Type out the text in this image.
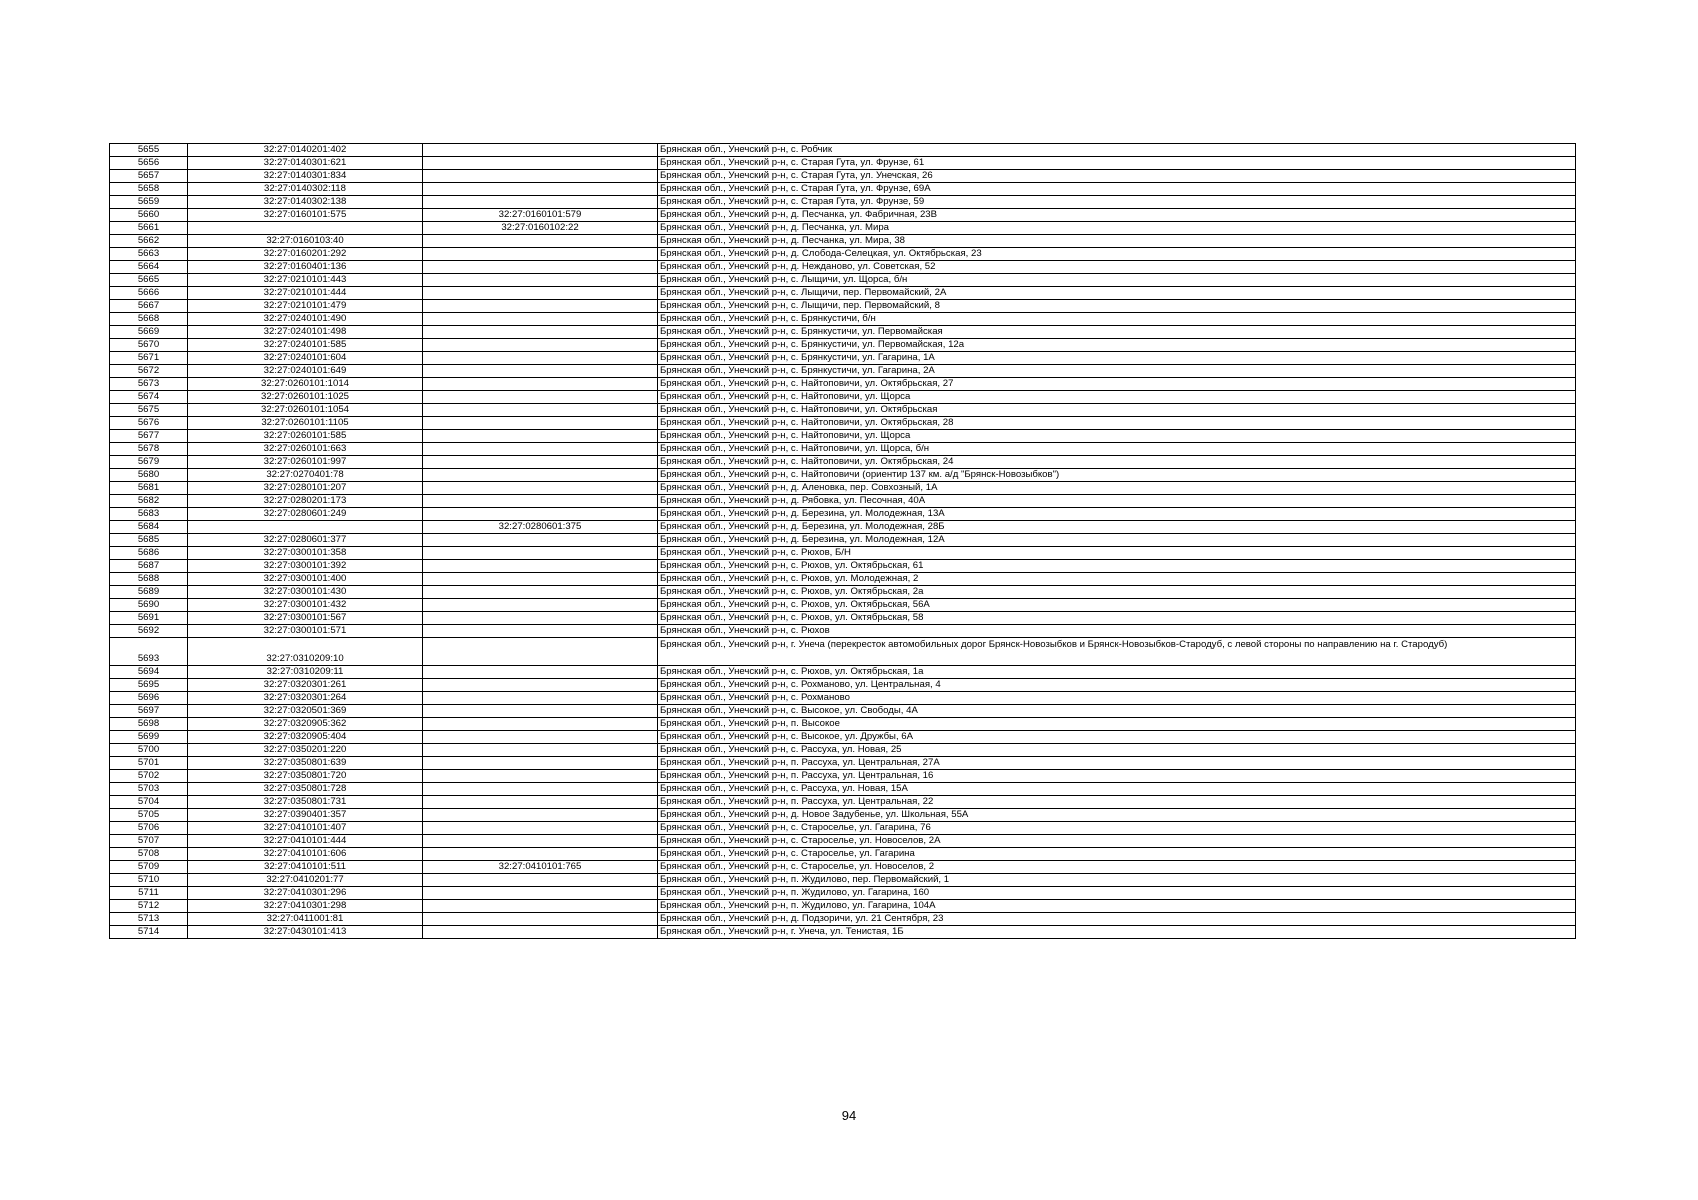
5655	32:27:0140201:402		Брянская обл., Унечский р-н, с. Робчик
5656	32:27:0140301:621		Брянская обл., Унечский р-н, с. Старая Гута, ул. Фрунзе, 61
5657	32:27:0140301:834		Брянская обл., Унечский р-н, с. Старая Гута, ул. Унечская, 26
5658	32:27:0140302:118		Брянская обл., Унечский р-н, с. Старая Гута, ул. Фрунзе, 69А
5659	32:27:0140302:138		Брянская обл., Унечский р-н, с. Старая Гута, ул. Фрунзе, 59
5660	32:27:0160101:575	32:27:0160101:579	Брянская обл., Унечский р-н, д. Песчанка, ул. Фабричная, 23В
5661		32:27:0160102:22	Брянская обл., Унечский р-н, д. Песчанка, ул. Мира
5662	32:27:0160103:40		Брянская обл., Унечский р-н, д. Песчанка, ул. Мира, 38
5663	32:27:0160201:292		Брянская обл., Унечский р-н, д. Слобода-Селецкая, ул. Октябрьская, 23
5664	32:27:0160401:136		Брянская обл., Унечский р-н, д. Нежданово, ул. Советская, 52
5665	32:27:0210101:443		Брянская обл., Унечский р-н, с. Лыщичи, ул. Щорса, б/н
5666	32:27:0210101:444		Брянская обл., Унечский р-н, с. Лыщичи, пер. Первомайский, 2А
5667	32:27:0210101:479		Брянская обл., Унечский р-н, с. Лыщичи, пер. Первомайский, 8
5668	32:27:0240101:490		Брянская обл., Унечский р-н, с. Брянкустичи, б/н
5669	32:27:0240101:498		Брянская обл., Унечский р-н, с. Брянкустичи, ул. Первомайская
5670	32:27:0240101:585		Брянская обл., Унечский р-н, с. Брянкустичи, ул. Первомайская, 12а
5671	32:27:0240101:604		Брянская обл., Унечский р-н, с. Брянкустичи, ул. Гагарина, 1А
5672	32:27:0240101:649		Брянская обл., Унечский р-н, с. Брянкустичи, ул. Гагарина, 2А
5673	32:27:0260101:1014		Брянская обл., Унечский р-н, с. Найтоповичи, ул. Октябрьская, 27
5674	32:27:0260101:1025		Брянская обл., Унечский р-н, с. Найтоповичи, ул. Щорса
5675	32:27:0260101:1054		Брянская обл., Унечский р-н, с. Найтоповичи, ул. Октябрьская
5676	32:27:0260101:1105		Брянская обл., Унечский р-н, с. Найтоповичи, ул. Октябрьская, 28
5677	32:27:0260101:585		Брянская обл., Унечский р-н, с. Найтоповичи, ул. Щорса
5678	32:27:0260101:663		Брянская обл., Унечский р-н, с. Найтоповичи, ул. Щорса, б/н
5679	32:27:0260101:997		Брянская обл., Унечский р-н, с. Найтоповичи, ул. Октябрьская, 24
5680	32:27:0270401:78		Брянская обл., Унечский р-н, с. Найтоповичи (ориентир 137 км. а/д "Брянск-Новозыбков")
5681	32:27:0280101:207		Брянская обл., Унечский р-н, д. Аленовка, пер. Совхозный, 1А
5682	32:27:0280201:173		Брянская обл., Унечский р-н, д. Рябовка, ул. Песочная, 40А
5683	32:27:0280601:249		Брянская обл., Унечский р-н, д. Березина, ул. Молодежная, 13А
5684		32:27:0280601:375	Брянская обл., Унечский р-н, д. Березина, ул. Молодежная, 28Б
5685	32:27:0280601:377		Брянская обл., Унечский р-н, д. Березина, ул. Молодежная, 12А
5686	32:27:0300101:358		Брянская обл., Унечский р-н, с. Рюхов, Б/Н
5687	32:27:0300101:392		Брянская обл., Унечский р-н, с. Рюхов, ул. Октябрьская, 61
5688	32:27:0300101:400		Брянская обл., Унечский р-н, с. Рюхов, ул. Молодежная, 2
5689	32:27:0300101:430		Брянская обл., Унечский р-н, с. Рюхов, ул. Октябрьская, 2а
5690	32:27:0300101:432		Брянская обл., Унечский р-н, с. Рюхов, ул. Октябрьская, 56А
5691	32:27:0300101:567		Брянская обл., Унечский р-н, с. Рюхов, ул. Октябрьская, 58
5692	32:27:0300101:571		Брянская обл., Унечский р-н, с. Рюхов
5693	32:27:0310209:10		Брянская обл., Унечский р-н, г. Унеча (перекресток автомобильных дорог Брянск-Новозыбков и Брянск-Новозыбков-Стародуб, с левой стороны по направлению на г. Стародуб)
5694	32:27:0310209:11		Брянская обл., Унечский р-н, с. Рюхов, ул. Октябрьская, 1а
5695	32:27:0320301:261		Брянская обл., Унечский р-н, с. Рохманово, ул. Центральная, 4
5696	32:27:0320301:264		Брянская обл., Унечский р-н, с. Рохманово
5697	32:27:0320501:369		Брянская обл., Унечский р-н, с. Высокое, ул. Свободы, 4А
5698	32:27:0320905:362		Брянская обл., Унечский р-н, п. Высокое
5699	32:27:0320905:404		Брянская обл., Унечский р-н, с. Высокое, ул. Дружбы, 6А
5700	32:27:0350201:220		Брянская обл., Унечский р-н, с. Рассуха, ул. Новая, 25
5701	32:27:0350801:639		Брянская обл., Унечский р-н, п. Рассуха, ул. Центральная, 27А
5702	32:27:0350801:720		Брянская обл., Унечский р-н, п. Рассуха, ул. Центральная, 16
5703	32:27:0350801:728		Брянская обл., Унечский р-н, с. Рассуха, ул. Новая, 15А
5704	32:27:0350801:731		Брянская обл., Унечский р-н, п. Рассуха, ул. Центральная, 22
5705	32:27:0390401:357		Брянская обл., Унечский р-н, д. Новое Задубенье, ул. Школьная, 55А
5706	32:27:0410101:407		Брянская обл., Унечский р-н, с. Староселье, ул. Гагарина, 76
5707	32:27:0410101:444		Брянская обл., Унечский р-н, с. Староселье, ул. Новоселов, 2А
5708	32:27:0410101:606		Брянская обл., Унечский р-н, с. Староселье, ул. Гагарина
5709	32:27:0410101:511	32:27:0410101:765	Брянская обл., Унечский р-н, с. Староселье, ул. Новоселов, 2
5710	32:27:0410201:77		Брянская обл., Унечский р-н, п. Жудилово, пер. Первомайский, 1
5711	32:27:0410301:296		Брянская обл., Унечский р-н, п. Жудилово, ул. Гагарина, 160
5712	32:27:0410301:298		Брянская обл., Унечский р-н, п. Жудилово, ул. Гагарина, 104А
5713	32:27:0411001:81		Брянская обл., Унечский р-н, д. Подзоричи, ул. 21 Сентября, 23
5714	32:27:0430101:413		Брянская обл., Унечский р-н, г. Унеча, ул. Тенистая, 1Б
94
